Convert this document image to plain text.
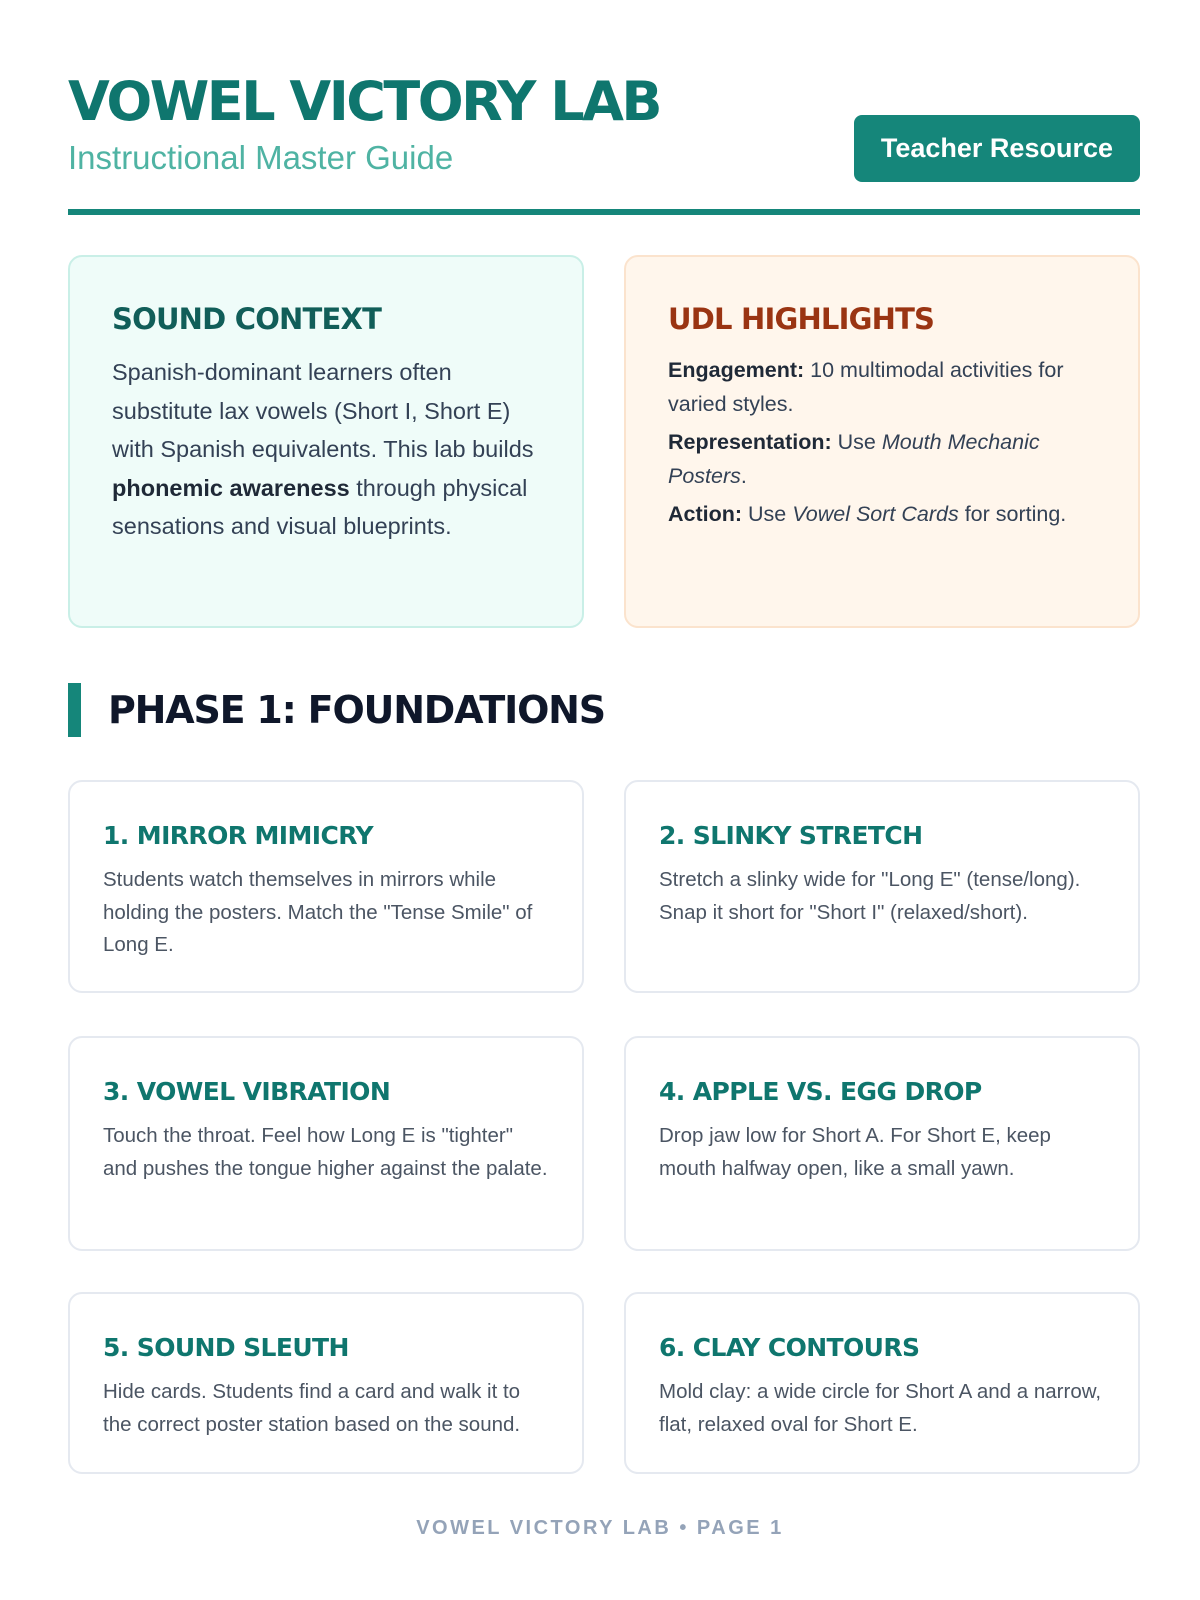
VOWEL VICTORY LAB
Instructional Master Guide	Teacher Resource
SOUND CONTEXT

Spanish-dominant learners often substitute lax vowels (Short I, Short E) with Spanish equivalents. This lab builds phonemic awareness through physical sensations and visual blueprints.

UDL HIGHLIGHTS

Engagement: 10 multimodal activities for varied styles.

Representation: Use Mouth Mechanic Posters.

Action: Use Vowel Sort Cards for sorting.

PHASE 1: FOUNDATIONS
1. MIRROR MIMICRY
Students watch themselves in mirrors while holding the posters. Match the "Tense Smile" of Long E.
2. SLINKY STRETCH
Stretch a slinky wide for "Long E" (tense/long). Snap it short for "Short I" (relaxed/short).
3. VOWEL VIBRATION
Touch the throat. Feel how Long E is "tighter" and pushes the tongue higher against the palate.
4. APPLE VS. EGG DROP
Drop jaw low for Short A. For Short E, keep mouth halfway open, like a small yawn.
5. SOUND SLEUTH
Hide cards. Students find a card and walk it to the correct poster station based on the sound.
6. CLAY CONTOURS
Mold clay: a wide circle for Short A and a narrow, flat, relaxed oval for Short E.
VOWEL VICTORY LAB • PAGE 1
